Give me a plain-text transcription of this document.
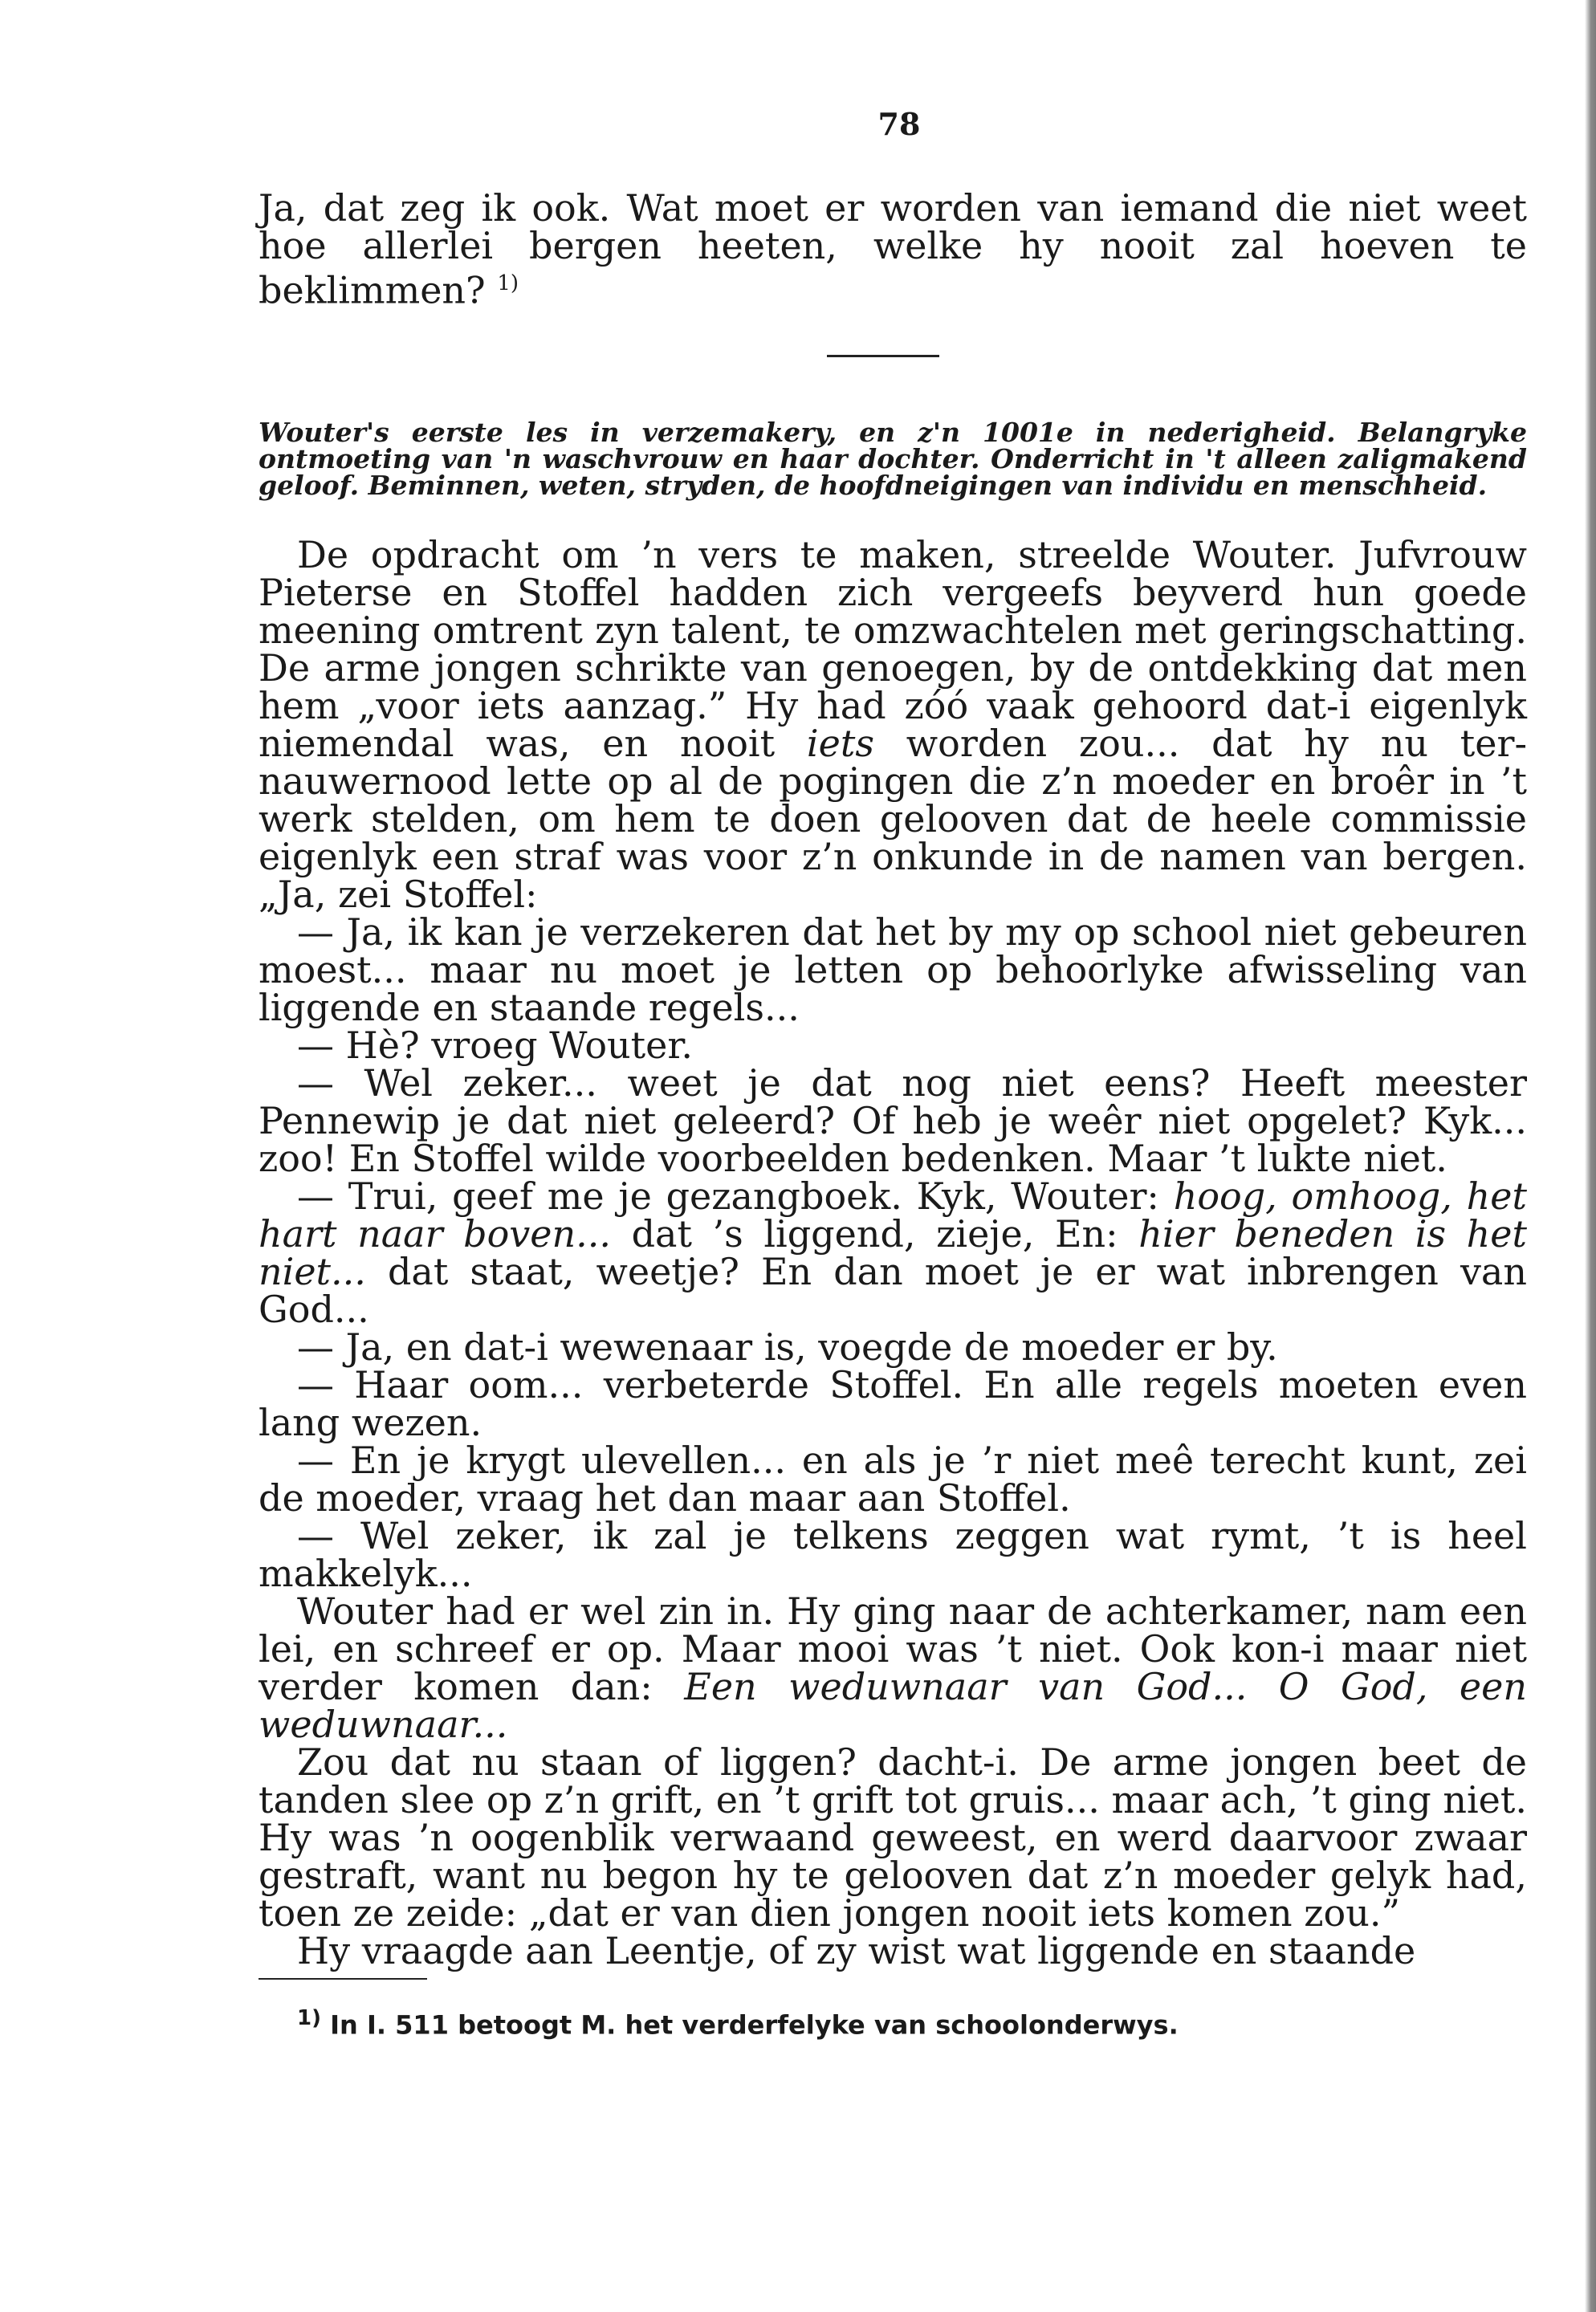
78
Ja, dat zeg ik ook. Wat moet er worden van iemand die niet weet hoe allerlei bergen heeten, welke hy nooit zal hoeven te beklimmen? $^{1)}$
Wouter's eerste les in verzemakery, en z'n 1001e in nederigheid. Belangryke ontmoeting van 'n waschvrouw en haar dochter. Onderricht in 't alleen zaligmakend geloof. Beminnen, weten, stryden, de hoofdneigingen van individu en menschheid.

De opdracht om ’n vers te maken, streelde Wouter. Jufvrouw Pieterse en Stoffel hadden zich vergeefs beyverd hun goede meening omtrent zyn talent, te omzwachtelen met geringschatting. De arme jongen schrikte van genoegen, by de ontdekking dat men hem „voor iets aanzag.” Hy had zóó vaak gehoord dat-i eigenlyk niemendal was, en nooit iets worden zou... dat hy nu ter-nauwernood lette op al de pogingen die z’n moeder en broêr in ’t werk stelden, om hem te doen gelooven dat de heele commissie eigenlyk een straf was voor z’n onkunde in de namen van bergen. „Ja, zei Stoffel:

— Ja, ik kan je verzekeren dat het by my op school niet gebeuren moest... maar nu moet je letten op behoorlyke afwisseling van liggende en staande regels...

— Hè? vroeg Wouter.

— Wel zeker... weet je dat nog niet eens? Heeft meester Pennewip je dat niet geleerd? Of heb je weêr niet opgelet? Kyk... zoo! En Stoffel wilde voorbeelden bedenken. Maar ’t lukte niet.

— Trui, geef me je gezangboek. Kyk, Wouter: hoog, omhoog, het hart naar boven... dat ’s liggend, zieje, En: hier beneden is het niet... dat staat, weetje? En dan moet je er wat inbrengen van God...

— Ja, en dat-i wewenaar is, voegde de moeder er by.

— Haar oom... verbeterde Stoffel. En alle regels moeten even lang wezen.

— En je krygt ulevellen... en als je ’r niet meê terecht kunt, zei de moeder, vraag het dan maar aan Stoffel.

— Wel zeker, ik zal je telkens zeggen wat rymt, ’t is heel makkelyk...

Wouter had er wel zin in. Hy ging naar de achterkamer, nam een lei, en schreef er op. Maar mooi was ’t niet. Ook kon-i maar niet verder komen dan: Een weduwnaar van God... O God, een weduwnaar...

Zou dat nu staan of liggen? dacht-i. De arme jongen beet de tanden slee op z’n grift, en ’t grift tot gruis... maar ach, ’t ging niet. Hy was ’n oogenblik verwaand geweest, en werd daarvoor zwaar gestraft, want nu begon hy te gelooven dat z’n moeder gelyk had, toen ze zeide: „dat er van dien jongen nooit iets komen zou.”

Hy vraagde aan Leentje, of zy wist wat liggende en staande

$^{1)}$ In I. 511 betoogt M. het verderfelyke van schoolonderwys.
